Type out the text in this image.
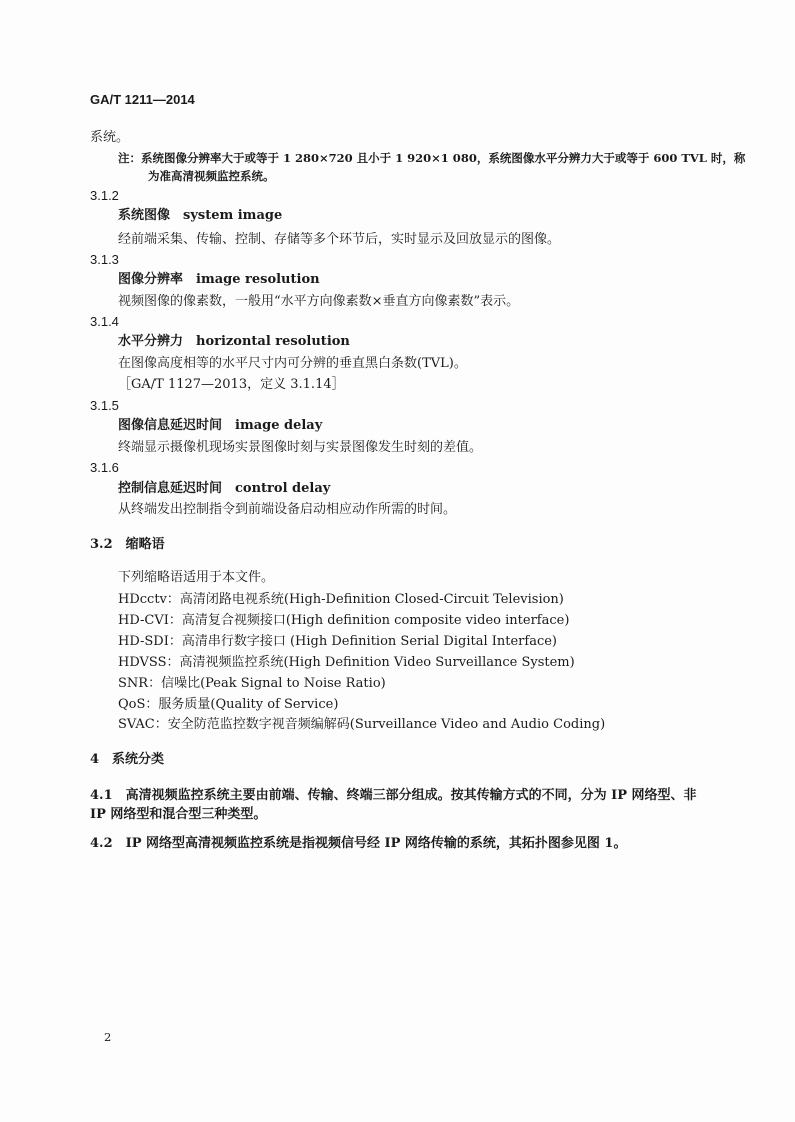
GA/T 1211—2014
系统。
注：系统图像分辨率大于或等于 1 280×720 且小于 1 920×1 080，系统图像水平分辨力大于或等于 600 TVL 时，称
为准高清视频监控系统。
3.1.2
系统图像　system image
经前端采集、传输、控制、存储等多个环节后，实时显示及回放显示的图像。
3.1.3
图像分辨率　image resolution
视频图像的像素数，一般用“水平方向像素数×垂直方向像素数”表示。
3.1.4
水平分辨力　horizontal resolution
在图像高度相等的水平尺寸内可分辨的垂直黑白条数(TVL)。
［GA/T 1127—2013，定义 3.1.14］
3.1.5
图像信息延迟时间　image delay
终端显示摄像机现场实景图像时刻与实景图像发生时刻的差值。
3.1.6
控制信息延迟时间　control delay
从终端发出控制指令到前端设备启动相应动作所需的时间。
3.2　缩略语
下列缩略语适用于本文件。
HDcctv：高清闭路电视系统(High-Definition Closed-Circuit Television)
HD-CVI：高清复合视频接口(High definition composite video interface)
HD-SDI：高清串行数字接口 (High Definition Serial Digital Interface)
HDVSS：高清视频监控系统(High Definition Video Surveillance System)
SNR：信噪比(Peak Signal to Noise Ratio)
QoS：服务质量(Quality of Service)
SVAC：安全防范监控数字视音频编解码(Surveillance Video and Audio Coding)
4　系统分类
4.1　高清视频监控系统主要由前端、传输、终端三部分组成。按其传输方式的不同，分为 IP 网络型、非
IP 网络型和混合型三种类型。
4.2　IP 网络型高清视频监控系统是指视频信号经 IP 网络传输的系统，其拓扑图参见图 1。
2
